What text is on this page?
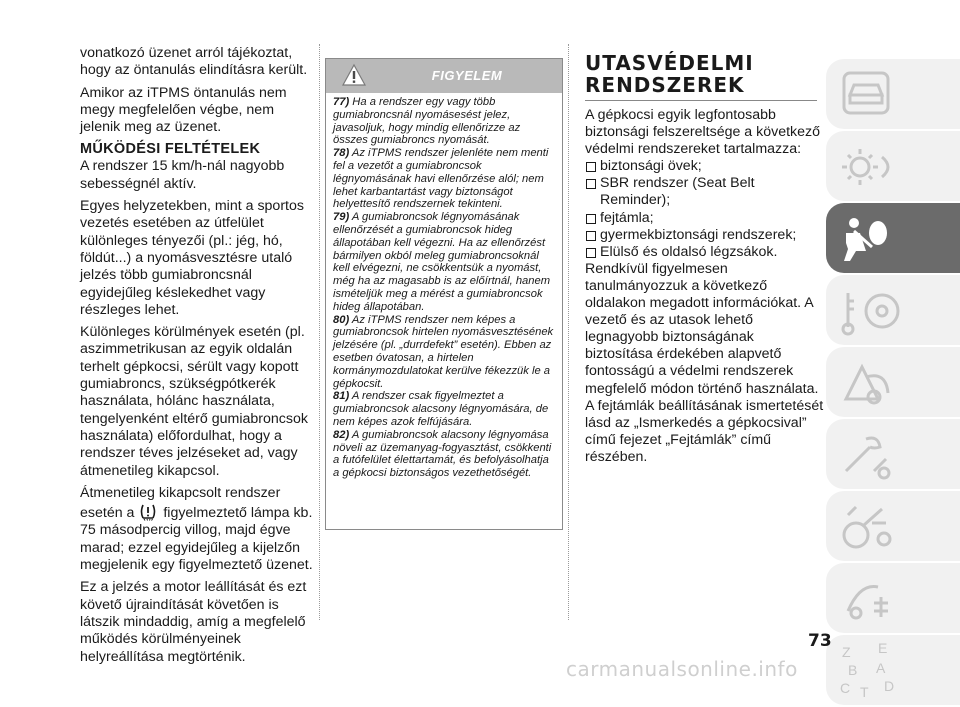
vonatkozó üzenet arról tájékoztat, hogy az öntanulás elindításra került.

Amikor az iTPMS öntanulás nem megy megfelelően végbe, nem jelenik meg az üzenet.

MŰKÖDÉSI FELTÉTELEK

A rendszer 15 km/h-nál nagyobb sebességnél aktív.

Egyes helyzetekben, mint a sportos vezetés esetében az útfelület különleges tényezői (pl.: jég, hó, földút...) a nyomásvesztésre utaló jelzés több gumiabroncsnál egyidejűleg késlekedhet vagy részleges lehet.

Különleges körülmények esetén (pl. aszimmetrikusan az egyik oldalán terhelt gépkocsi, sérült vagy kopott gumiabroncs, szükségpótkerék használata, hólánc használata, tengelyenként eltérő gumiabroncsok használata) előfordulhat, hogy a rendszer téves jelzéseket ad, vagy átmenetileg kikapcsol.

Átmenetileg kikapcsolt rendszer esetén a figyelmeztető lámpa kb. 75 másodpercig villog, majd égve marad; ezzel egyidejűleg a kijelzőn megjelenik egy figyelmeztető üzenet.

Ez a jelzés a motor leállítását és ezt követő újraindítását követően is látszik mindaddig, amíg a megfelelő működés körülményeinek helyreállítása megtörténik.

FIGYELEM

77) Ha a rendszer egy vagy több gumiabroncsnál nyomásesést jelez, javasoljuk, hogy mindig ellenőrizze az összes gumiabroncs nyomását.

78) Az iTPMS rendszer jelenléte nem menti fel a vezetőt a gumiabroncsok légnyomásának havi ellenőrzése alól; nem lehet karbantartást vagy biztonságot helyettesítő rendszernek tekinteni.

79) A gumiabroncsok légnyomásának ellenőrzését a gumiabroncsok hideg állapotában kell végezni. Ha az ellenőrzést bármilyen okból meleg gumiabroncsoknál kell elvégezni, ne csökkentsük a nyomást, még ha az magasabb is az előírtnál, hanem ismételjük meg a mérést a gumiabroncsok hideg állapotában.

80) Az iTPMS rendszer nem képes a gumiabroncsok hirtelen nyomásvesztésének jelzésére (pl. „durrdefekt” esetén). Ebben az esetben óvatosan, a hirtelen kormánymozdulatokat kerülve fékezzük le a gépkocsit.

81) A rendszer csak figyelmeztet a gumiabroncsok alacsony légnyomására, de nem képes azok felfújására.

82) A gumiabroncsok alacsony légnyomása növeli az üzemanyag-fogyasztást, csökkenti a futófelület élettartamát, és befolyásolhatja a gépkocsi biztonságos vezethetőségét.

UTASVÉDELMI
RENDSZEREK

A gépkocsi egyik legfontosabb biztonsági felszereltsége a következő védelmi rendszereket tartalmazza:

biztonsági övek;
SBR rendszer (Seat Belt Reminder);
fejtámla;
gyermekbiztonsági rendszerek;
Elülső és oldalsó légzsákok.

Rendkívül figyelmesen tanulmányozzuk a következő oldalakon megadott információkat. A vezető és az utasok lehető legnagyobb biztonságának biztosítása érdekében alapvető fontosságú a védelmi rendszerek megfelelő módon történő használata.

A fejtámlák beállításának ismertetését lásd az „Ismerkedés a gépkocsival” című fejezet „Fejtámlák” című részében.

Z E
B A
C T D
73
carmanualsonline.info
